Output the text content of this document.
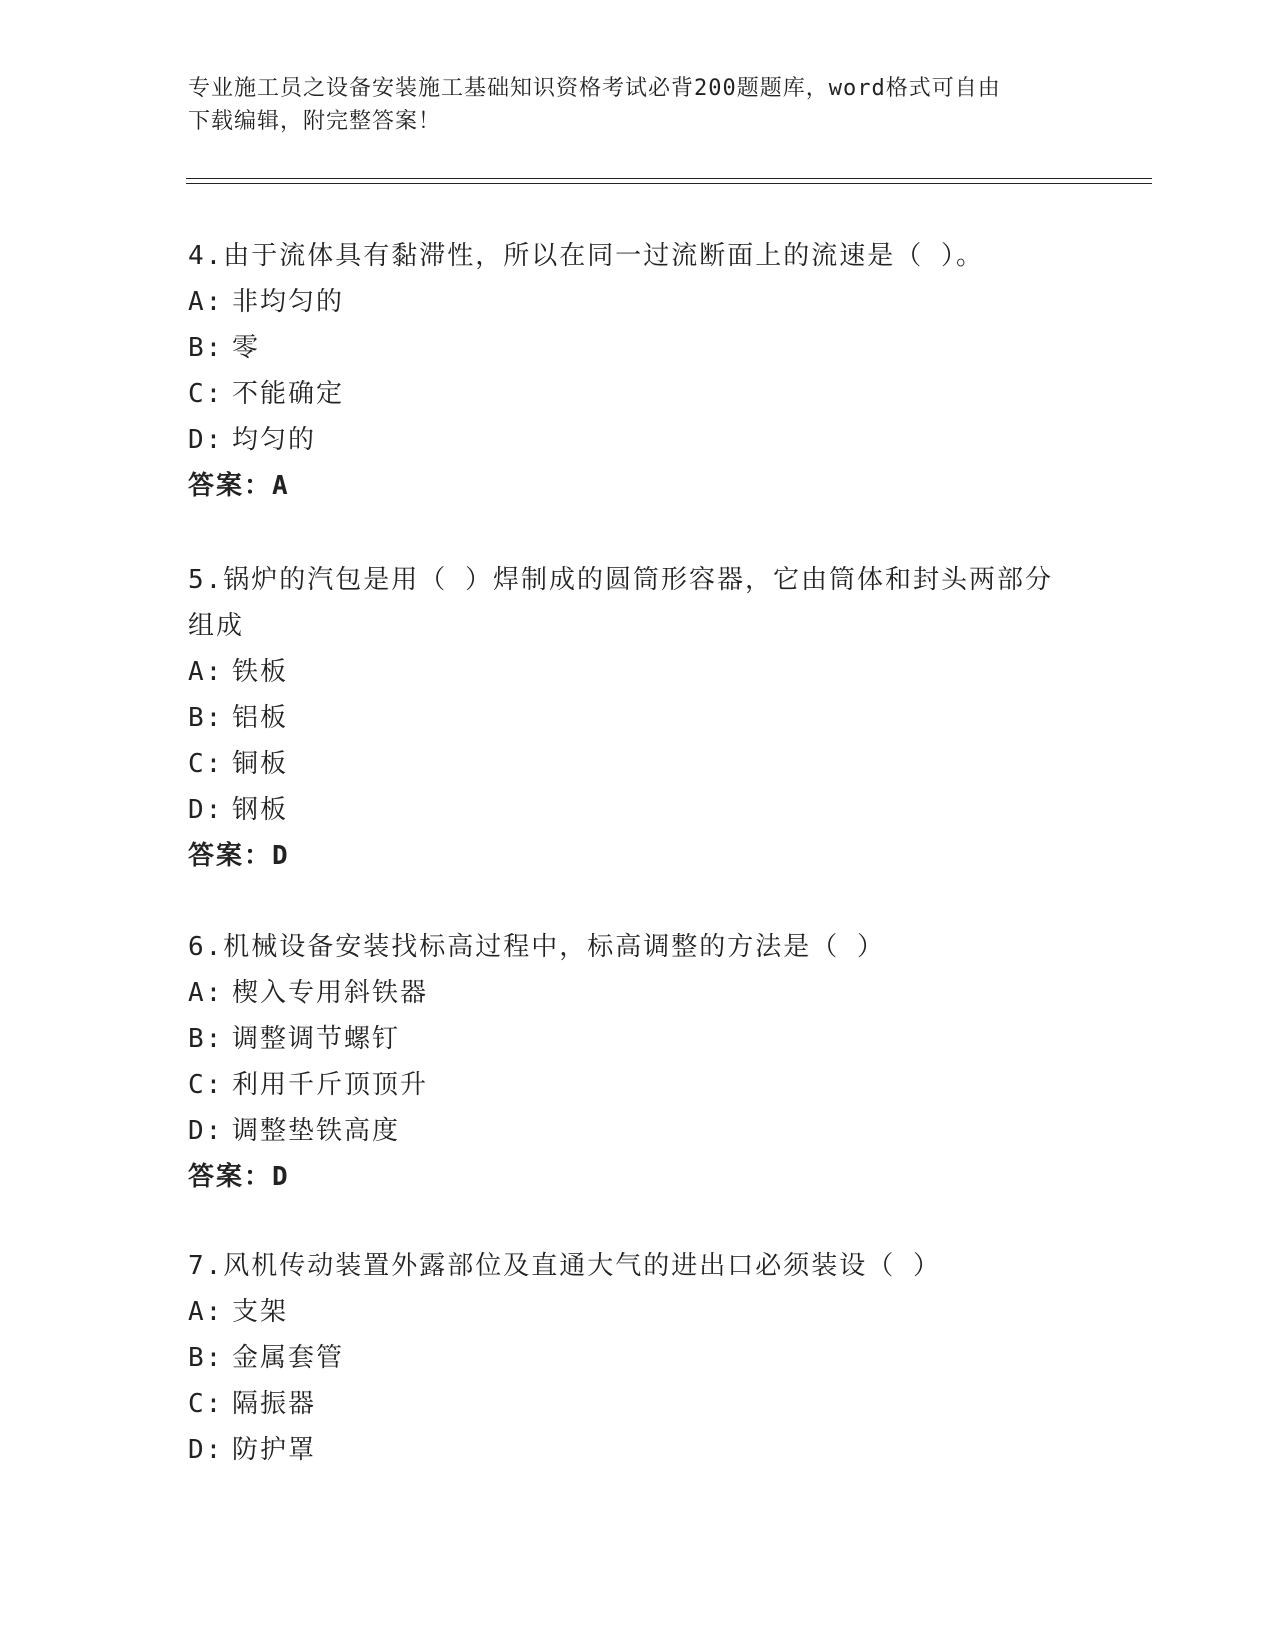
专业施工员之设备安装施工基础知识资格考试必背200题题库，word格式可自由
下载编辑，附完整答案！

4.由于流体具有黏滞性，所以在同一过流断面上的流速是（ ）。

A: 非均匀的

B: 零

C: 不能确定

D: 均匀的

答案：A

5.锅炉的汽包是用（ ）焊制成的圆筒形容器，它由筒体和封头两部分组成

A: 铁板

B: 铝板

C: 铜板

D: 钢板

答案：D

6.机械设备安装找标高过程中，标高调整的方法是（ ）

A: 楔入专用斜铁器

B: 调整调节螺钉

C: 利用千斤顶顶升

D: 调整垫铁高度

答案：D

7.风机传动装置外露部位及直通大气的进出口必须装设（ ）

A: 支架

B: 金属套管

C: 隔振器

D: 防护罩
